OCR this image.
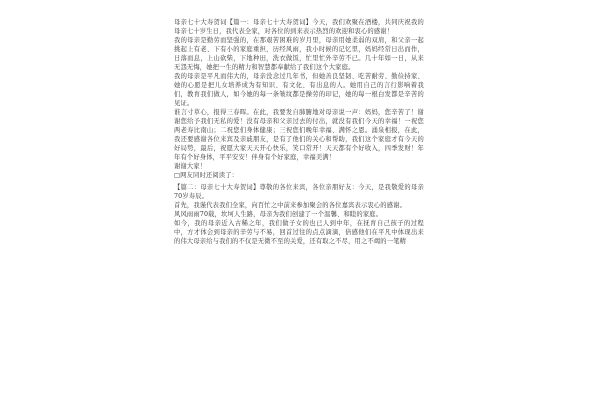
母亲七十大寿贺词【篇一：母亲七十大寿贺词】今天，我们欢聚在酒楼，共同庆祝我的母亲七十岁生日，我代表全家，对各位的到来表示热烈的欢迎和衷心的感谢！

我的母亲是勤劳而坚强的，在那艰苦困难的岁月里，母亲用她柔弱的双肩，和父亲一起挑起上有老、下有小的家庭重担，历经风雨，我小时候的记忆里，妈妈经常日出而作，日落而息，上山砍柴，下地种田，洗衣做饭，忙里忙外辛劳不已。几十年如一日，从来无怨无悔，她把一生的精力和智慧都奉献给了我们这个大家庭。

我的母亲是平凡而伟大的，母亲没念过几年书，但她善良坚韧、吃苦耐劳、勤俭持家、她的心愿是把儿女培养成为有知识、有文化、有出息的人。她用自己的言行影响着我们，教育我们做人，如今她的每一条皱纹都是操劳的印记，她的每一根白发都是辛苦的见证。

谁言寸草心，报得三春晖。在此，我要发自肺腑地对母亲说一声：妈妈，您辛苦了！谢谢您给予我们无私的爱！没有母亲和父亲过去的付出，就没有我们今天的幸福！一祝您两老寿比南山；二祝您们身体健康；三祝您们晚年幸福、满怀之恩。涌泉相报，在此，我还要感谢各位来宾及亲戚朋友，是有了他们的关心和帮助，我们这个家庭才有今天的好局势，最后，祝愿大家天天开心快乐，笑口常开！天天都有个好收入，四季发财！年年有个好身体，平平安安！伴身有个好家庭，幸福美满！

谢谢大家！

□网友同时还阅读了：

【篇二：母亲七十大寿贺词】尊敬的各位来宾，各位亲朋好友：今天，是我敬爱的母亲70岁寿辰。

首先，我谨代表我们全家，向百忙之中前来参加聚会的各位嘉宾表示衷心的感谢。

风风雨雨70载，坎坷人生路，母亲为我们创建了一个温馨、和睦的家庭。

如今，我的母亲近入古稀之年，我们做子女的也已人到中年，在抚育自己孩子的过程中，方才体会到母亲的辛劳与不易，回首过往的点点滴滴，倍感他们在平凡中体现出来的伟大母亲给与我们的不仅是无微不至的关爱，还有取之不尽，用之不竭的一笔精
